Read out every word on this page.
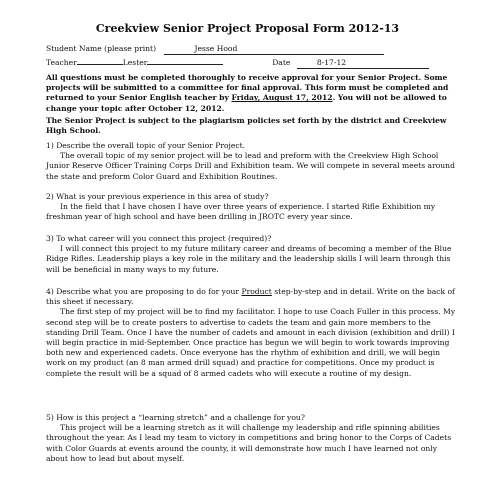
Creekview Senior Project Proposal Form 2012-13
Student Name (please print)	Jesse Hood
Teacher	Lester	Date	8-17-12
All questions must be completed thoroughly to receive approval for your Senior Project. Some projects will be submitted to a committee for final approval. This form must be completed and returned to your Senior English teacher by Friday, August 17, 2012. You will not be allowed to change your topic after October 12, 2012.
The Senior Project is subject to the plagiarism policies set forth by the district and Creekview High School.

1) Describe the overall topic of your Senior Project.

The overall topic of my senior project will be to lead and preform with the Creekview High School Junior Reserve Officer Training Corps Drill and Exhibition team. We will compete in several meets around the state and preform Color Guard and Exhibition Routines.

2) What is your previous experience in this area of study?

In the field that I have chosen I have over three years of experience. I started Rifle Exhibition my freshman year of high school and have been drilling in JROTC every year since.

3) To what career will you connect this project (required)?

I will connect this project to my future military career and dreams of becoming a member of the Blue Ridge Rifles. Leadership plays a key role in the military and the leadership skills I will learn through this will be beneficial in many ways to my future.

4) Describe what you are proposing to do for your Product step-by-step and in detail. Write on the back of this sheet if necessary.

The first step of my project will be to find my facilitator. I hope to use Coach Fuller in this process. My second step will be to create posters to advertise to cadets the team and gain more members to the standing Drill Team. Once I have the number of cadets and amount in each division (exhibition and drill) I will begin practice in mid-September. Once practice has begun we will begin to work towards improving both new and experienced cadets. Once everyone has the rhythm of exhibition and drill, we will begin work on my product (an 8 man armed drill squad) and practice for competitions. Once my product is complete the result will be a squad of 8 armed cadets who will execute a routine of my design.

5) How is this project a “learning stretch” and a challenge for you?

This project will be a learning stretch as it will challenge my leadership and rifle spinning abilities throughout the year. As I lead my team to victory in competitions and bring honor to the Corps of Cadets with Color Guards at events around the county, it will demonstrate how much I have learned not only about how to lead but about myself.
